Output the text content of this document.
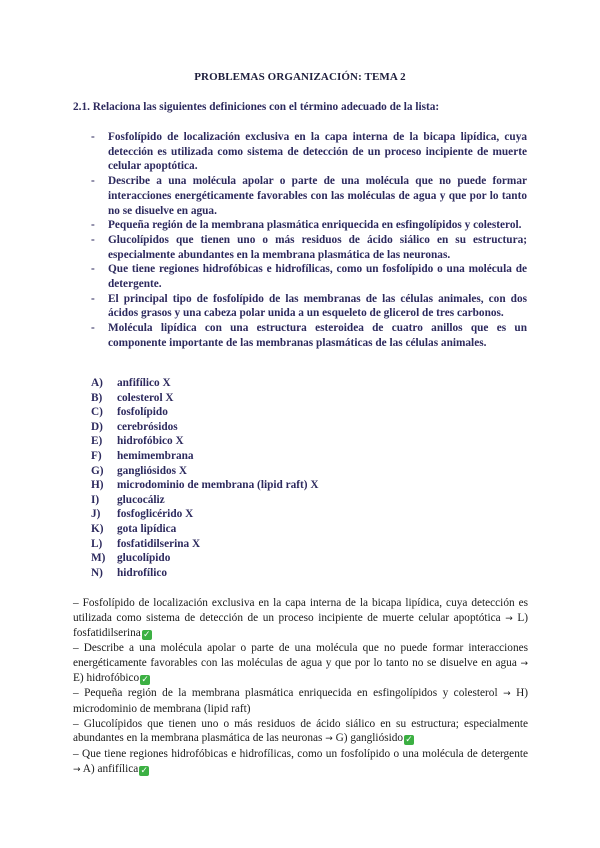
PROBLEMAS ORGANIZACIÓN: TEMA 2
2.1. Relaciona las siguientes definiciones con el término adecuado de la lista:
- Fosfolípido de localización exclusiva en la capa interna de la bicapa lipídica, cuya detección es utilizada como sistema de detección de un proceso incipiente de muerte celular apoptótica.
- Describe a una molécula apolar o parte de una molécula que no puede formar interacciones energéticamente favorables con las moléculas de agua y que por lo tanto no se disuelve en agua.
- Pequeña región de la membrana plasmática enriquecida en esfingolípidos y colesterol.
- Glucolípidos que tienen uno o más residuos de ácido siálico en su estructura; especialmente abundantes en la membrana plasmática de las neuronas.
- Que tiene regiones hidrofóbicas e hidrofílicas, como un fosfolípido o una molécula de detergente.
- El principal tipo de fosfolípido de las membranas de las células animales, con dos ácidos grasos y una cabeza polar unida a un esqueleto de glicerol de tres carbonos.
- Molécula lipídica con una estructura esteroidea de cuatro anillos que es un componente importante de las membranas plasmáticas de las células animales.
A) anfifílico X
B) colesterol X
C) fosfolípido
D) cerebrósidos
E) hidrofóbico X
F) hemimembrana
G) gangliósidos X
H) microdominio de membrana (lipid raft) X
I) glucocáliz
J) fosfoglicérido X
K) gota lipídica
L) fosfatidilserina X
M) glucolípido
N) hidrofílico

– Fosfolípido de localización exclusiva en la capa interna de la bicapa lipídica, cuya detección es utilizada como sistema de detección de un proceso incipiente de muerte celular apoptótica → L) fosfatidilserina ✓

– Describe a una molécula apolar o parte de una molécula que no puede formar interacciones energéticamente favorables con las moléculas de agua y que por lo tanto no se disuelve en agua → E) hidrofóbico ✓

– Pequeña región de la membrana plasmática enriquecida en esfingolípidos y colesterol → H) microdominio de membrana (lipid raft)

– Glucolípidos que tienen uno o más residuos de ácido siálico en su estructura; especialmente abundantes en la membrana plasmática de las neuronas → G) gangliósido ✓

– Que tiene regiones hidrofóbicas e hidrofílicas, como un fosfolípido o una molécula de detergente → A) anfifílica ✓
